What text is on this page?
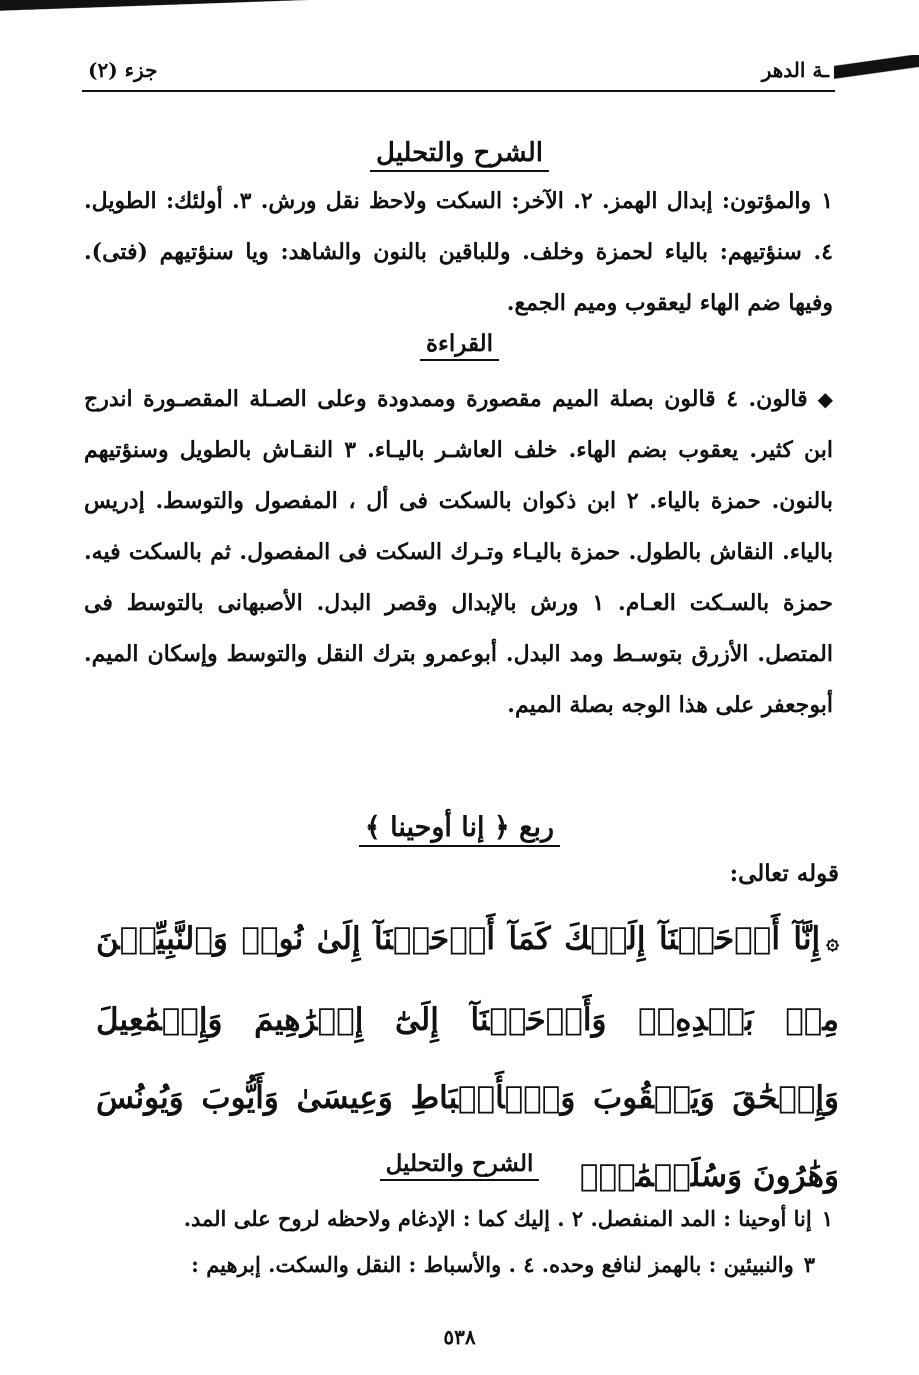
ـة الدهر
جزء (٢)
الشرح والتحليل
١والمؤتون: إبدال الهمز. ٢. الآخر: السكت ولاحظ نقل ورش. ٣. أولئك: الطويل. ٤. سنؤتيهم: بالياء لحمزة وخلف. وللباقين بالنون والشاهد: ويا سنؤتيهم (فتى). وفيها ضم الهاء ليعقوب وميم الجمع.
القراءة
◆قالون. ٤ قالون بصلة الميم مقصورة وممدودة وعلى الصـلة المقصـورة اندرج ابن كثير. يعقوب بضم الهاء. خلف العاشـر باليـاء. ٣ النقـاش بالطويل وسنؤتيهم بالنون. حمزة بالياء. ٢ ابن ذكوان بالسكت فى أل ، المفصول والتوسط. إدريس بالياء. النقاش بالطول. حمزة باليـاء وتـرك السكت فى المفصول. ثم بالسكت فيه. حمزة بالسـكت العـام. ١ ورش بالإبدال وقصر البدل. الأصبهانى بالتوسط فى المتصل. الأزرق بتوسـط ومد البدل. أبوعمرو بترك النقل والتوسط وإسكان الميم. أبوجعفر على هذا الوجه بصلة الميم.
ربع ﴿ إنا أوحينا ﴾
قوله تعالى:
۞إِنَّآ أَوۡحَيۡنَآ إِلَيۡكَ كَمَآ أَوۡحَيۡنَآ إِلَىٰ نُوحٖ وَٱلنَّبِيِّـۧنَ مِنۢ بَعۡدِهِۦۚ وَأَوۡحَيۡنَآ إِلَىٰٓ إِبۡرَٰهِيمَ وَإِسۡمَٰعِيلَ وَإِسۡحَٰقَ وَيَعۡقُوبَ وَٱلۡأَسۡبَاطِ وَعِيسَىٰ وَأَيُّوبَ وَيُونُسَ وَهَٰرُونَ وَسُلَيۡمَٰنَۚ
الشرح والتحليل
١إنا أوحينا : المد المنفصل. ٢ . إليك كما : الإدغام ولاحظه لروح على المد.
٣والنبيئين : بالهمز لنافع وحده. ٤ . والأسباط : النقل والسكت. إبرهيم :
٥٣٨
